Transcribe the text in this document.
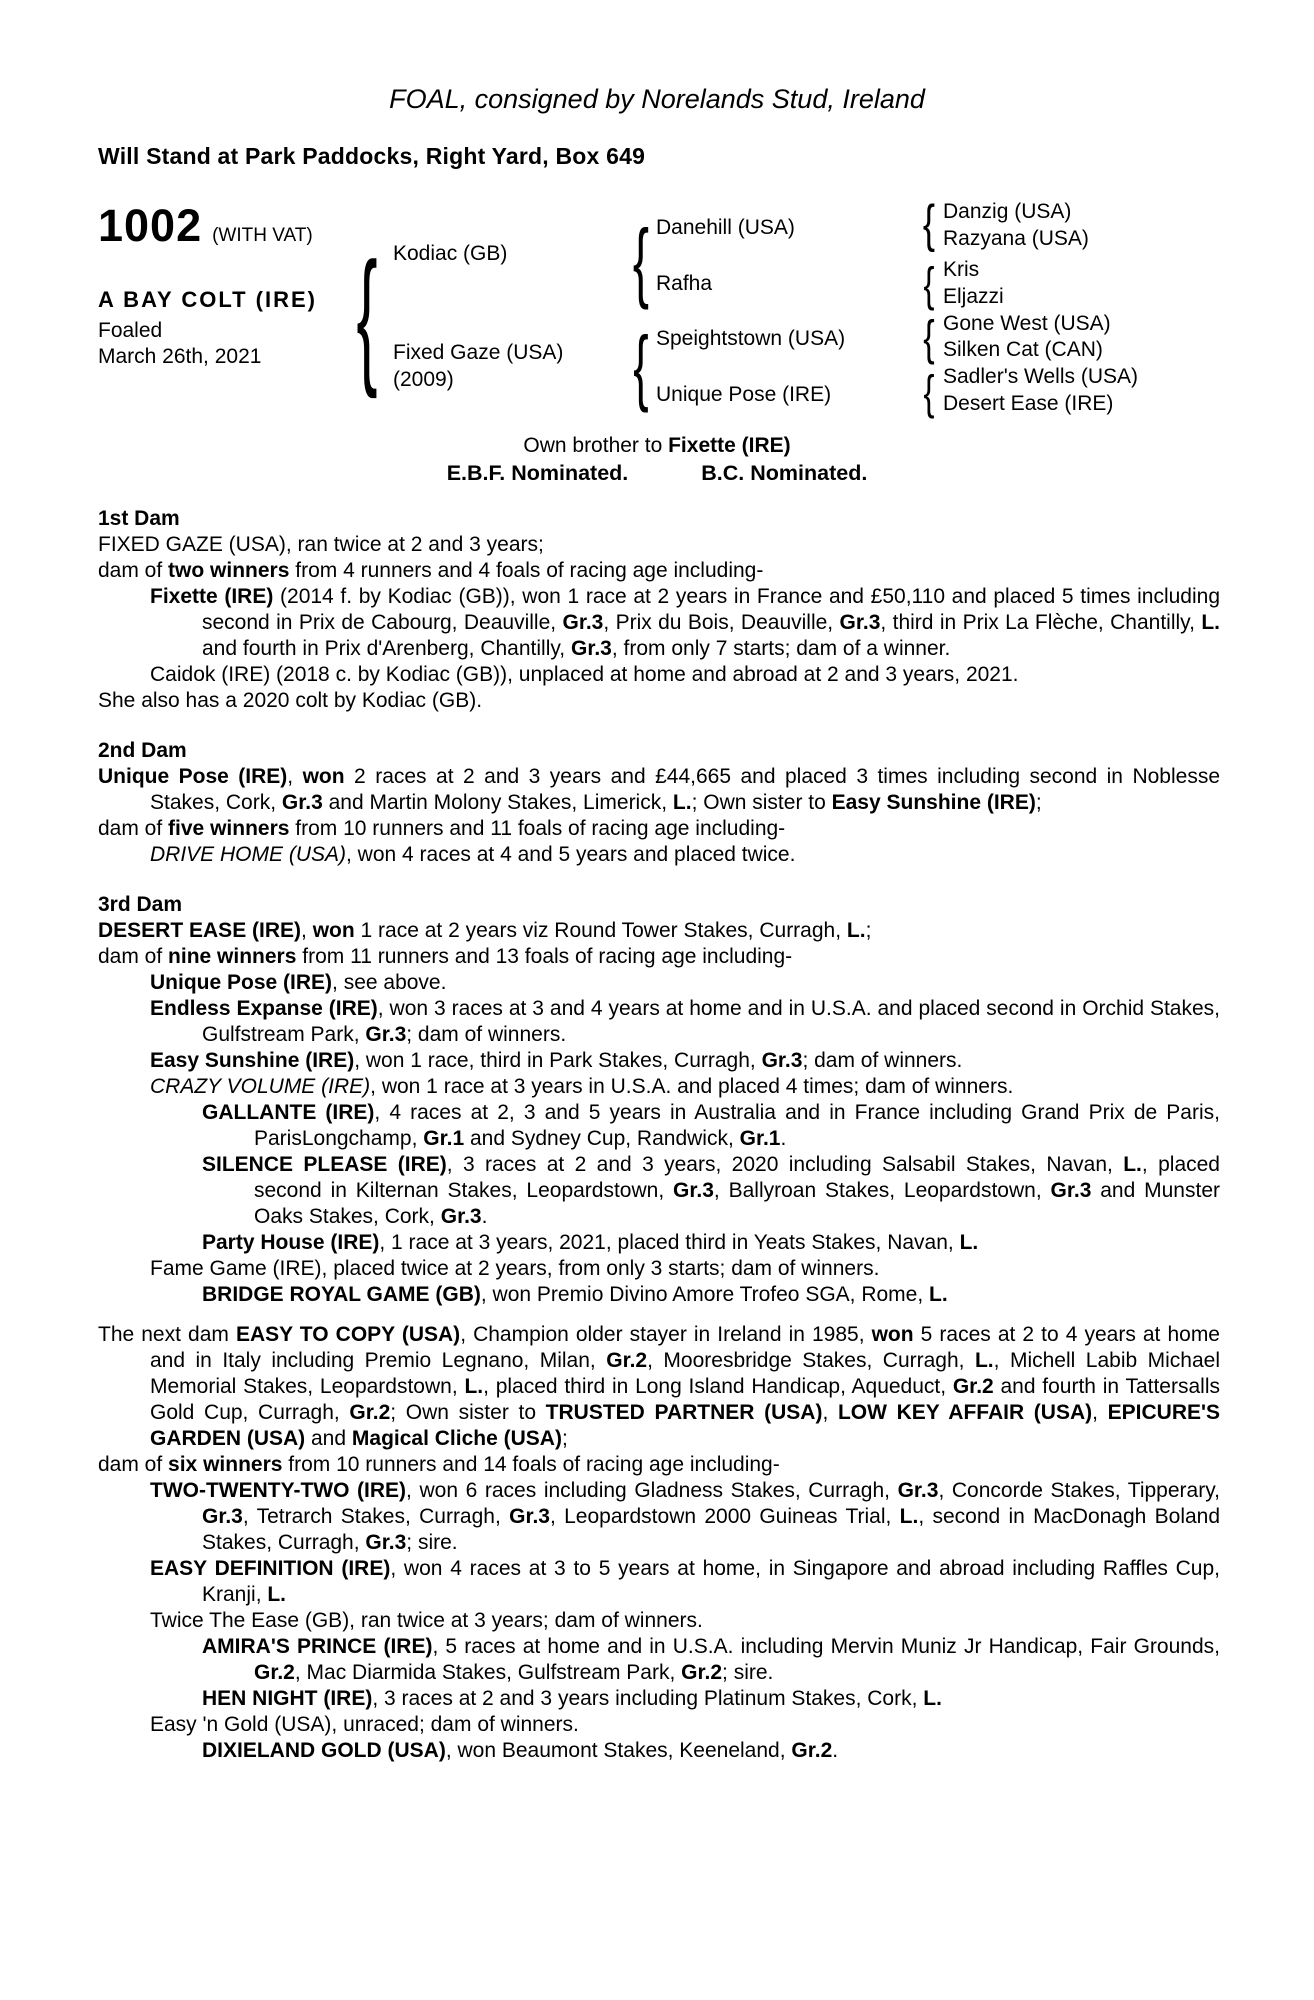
FOAL, consigned by Norelands Stud, Ireland
Will Stand at Park Paddocks, Right Yard, Box 649
1002 (WITH VAT)
A BAY COLT (IRE)
Foaled
March 26th, 2021 {	{
{
{
{
{
{
Kodiac (GB)
Fixed Gaze (USA)
(2009)
Danehill (USA)
Rafha
Speightstown (USA)
Unique Pose (IRE)
Danzig (USA)
Razyana (USA)
Kris
Eljazzi
Gone West (USA)
Silken Cat (CAN)
Sadler's Wells (USA)
Desert Ease (IRE)
Own brother to Fixette (IRE)
E.B.F. Nominated.	B.C. Nominated.

1st Dam

FIXED GAZE (USA), ran twice at 2 and 3 years;

dam of two winners from 4 runners and 4 foals of racing age including-

Fixette (IRE) (2014 f. by Kodiac (GB)), won 1 race at 2 years in France and £50,110 and placed 5 times including second in Prix de Cabourg, Deauville, Gr.3, Prix du Bois, Deauville, Gr.3, third in Prix La Flèche, Chantilly, L. and fourth in Prix d'Arenberg, Chantilly, Gr.3, from only 7 starts; dam of a winner.

Caidok (IRE) (2018 c. by Kodiac (GB)), unplaced at home and abroad at 2 and 3 years, 2021.

She also has a 2020 colt by Kodiac (GB).

2nd Dam

Unique Pose (IRE), won 2 races at 2 and 3 years and £44,665 and placed 3 times including second in Noblesse Stakes, Cork, Gr.3 and Martin Molony Stakes, Limerick, L.; Own sister to Easy Sunshine (IRE);

dam of five winners from 10 runners and 11 foals of racing age including-

DRIVE HOME (USA), won 4 races at 4 and 5 years and placed twice.

3rd Dam

DESERT EASE (IRE), won 1 race at 2 years viz Round Tower Stakes, Curragh, L.;

dam of nine winners from 11 runners and 13 foals of racing age including-

Unique Pose (IRE), see above.

Endless Expanse (IRE), won 3 races at 3 and 4 years at home and in U.S.A. and placed second in Orchid Stakes, Gulfstream Park, Gr.3; dam of winners.

Easy Sunshine (IRE), won 1 race, third in Park Stakes, Curragh, Gr.3; dam of winners.

CRAZY VOLUME (IRE), won 1 race at 3 years in U.S.A. and placed 4 times; dam of winners.

GALLANTE (IRE), 4 races at 2, 3 and 5 years in Australia and in France including Grand Prix de Paris, ParisLongchamp, Gr.1 and Sydney Cup, Randwick, Gr.1.

SILENCE PLEASE (IRE), 3 races at 2 and 3 years, 2020 including Salsabil Stakes, Navan, L., placed second in Kilternan Stakes, Leopardstown, Gr.3, Ballyroan Stakes, Leopardstown, Gr.3 and Munster Oaks Stakes, Cork, Gr.3.

Party House (IRE), 1 race at 3 years, 2021, placed third in Yeats Stakes, Navan, L.

Fame Game (IRE), placed twice at 2 years, from only 3 starts; dam of winners.

BRIDGE ROYAL GAME (GB), won Premio Divino Amore Trofeo SGA, Rome, L.

The next dam EASY TO COPY (USA), Champion older stayer in Ireland in 1985, won 5 races at 2 to 4 years at home and in Italy including Premio Legnano, Milan, Gr.2, Mooresbridge Stakes, Curragh, L., Michell Labib Michael Memorial Stakes, Leopardstown, L., placed third in Long Island Handicap, Aqueduct, Gr.2 and fourth in Tattersalls Gold Cup, Curragh, Gr.2; Own sister to TRUSTED PARTNER (USA), LOW KEY AFFAIR (USA), EPICURE'S GARDEN (USA) and Magical Cliche (USA);

dam of six winners from 10 runners and 14 foals of racing age including-

TWO-TWENTY-TWO (IRE), won 6 races including Gladness Stakes, Curragh, Gr.3, Concorde Stakes, Tipperary, Gr.3, Tetrarch Stakes, Curragh, Gr.3, Leopardstown 2000 Guineas Trial, L., second in MacDonagh Boland Stakes, Curragh, Gr.3; sire.

EASY DEFINITION (IRE), won 4 races at 3 to 5 years at home, in Singapore and abroad including Raffles Cup, Kranji, L.

Twice The Ease (GB), ran twice at 3 years; dam of winners.

AMIRA'S PRINCE (IRE), 5 races at home and in U.S.A. including Mervin Muniz Jr Handicap, Fair Grounds, Gr.2, Mac Diarmida Stakes, Gulfstream Park, Gr.2; sire.

HEN NIGHT (IRE), 3 races at 2 and 3 years including Platinum Stakes, Cork, L.

Easy 'n Gold (USA), unraced; dam of winners.

DIXIELAND GOLD (USA), won Beaumont Stakes, Keeneland, Gr.2.
